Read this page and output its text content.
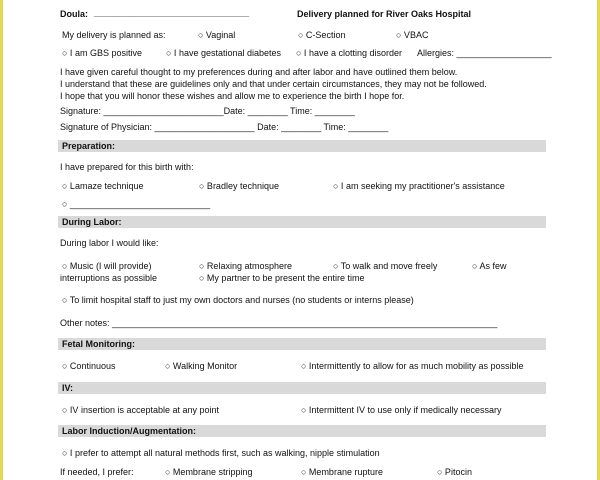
Doula: _______________________________	Delivery planned for River Oaks Hospital
My delivery is planned as:	○ Vaginal	○ C-Section	○ VBAC
○ I am GBS positive	○ I have gestational diabetes ○ I have a clotting disorder Allergies: ___________________
I have given careful thought to my preferences during and after labor and have outlined them below.
I understand that these are guidelines only and that under certain circumstances, they may not be followed.
I hope that you will honor these wishes and allow me to experience the birth I hope for.
Signature: ________________________Date: ________ Time: ________
Signature of Physician: ____________________ Date: ________ Time: ________
Preparation:
I have prepared for this birth with:
○ Lamaze technique	○ Bradley technique	○ I am seeking my practitioner's assistance
○ ____________________________
During Labor:
During labor I would like:
○ Music (I will provide)	○ Relaxing atmosphere	○ To walk and move freely	○ As few
interruptions as possible	○ My partner to be present the entire time
○ To limit hospital staff to just my own doctors and nurses (no students or interns please)
Other notes: _____________________________________________________________________________
Fetal Monitoring:
○ Continuous	○ Walking Monitor	○ Intermittently to allow for as much mobility as possible
IV:
○ IV insertion is acceptable at any point	○ Intermittent IV to use only if medically necessary
Labor Induction/Augmentation:
○ I prefer to attempt all natural methods first, such as walking, nipple stimulation
If needed, I prefer:	○ Membrane stripping	○ Membrane rupture	○ Pitocin
